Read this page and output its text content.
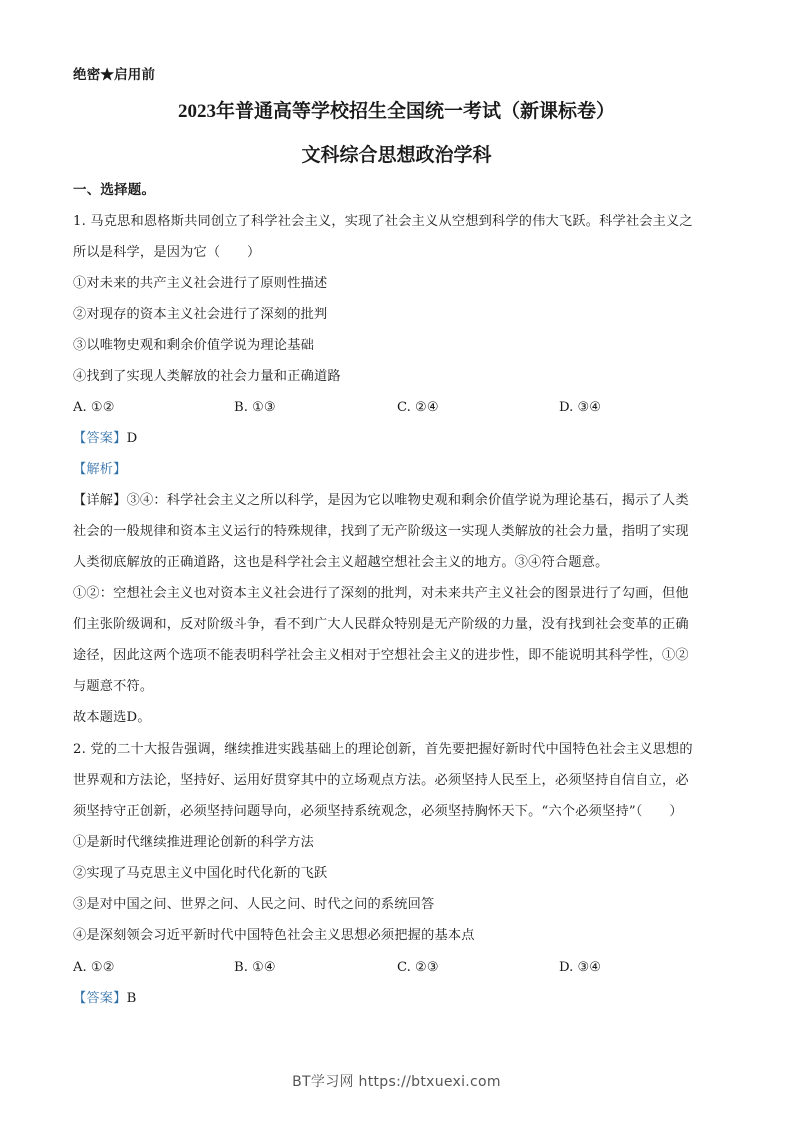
绝密★启用前
2023年普通高等学校招生全国统一考试（新课标卷）
文科综合思想政治学科
一、选择题。
1. 马克思和恩格斯共同创立了科学社会主义，实现了社会主义从空想到科学的伟大飞跃。科学社会主义之
所以是科学，是因为它（　　）
①对未来的共产主义社会进行了原则性描述
②对现存的资本主义社会进行了深刻的批判
③以唯物史观和剩余价值学说为理论基础
④找到了实现人类解放的社会力量和正确道路
A. ①②	B. ①③	C. ②④	D. ③④
【答案】D
【解析】
【详解】③④：科学社会主义之所以科学，是因为它以唯物史观和剩余价值学说为理论基石，揭示了人类
社会的一般规律和资本主义运行的特殊规律，找到了无产阶级这一实现人类解放的社会力量，指明了实现
人类彻底解放的正确道路，这也是科学社会主义超越空想社会主义的地方。③④符合题意。
①②：空想社会主义也对资本主义社会进行了深刻的批判，对未来共产主义社会的图景进行了勾画，但他
们主张阶级调和，反对阶级斗争，看不到广大人民群众特别是无产阶级的力量，没有找到社会变革的正确
途径，因此这两个选项不能表明科学社会主义相对于空想社会主义的进步性，即不能说明其科学性，①②
与题意不符。
故本题选D。
2. 党的二十大报告强调，继续推进实践基础上的理论创新，首先要把握好新时代中国特色社会主义思想的
世界观和方法论，坚持好、运用好贯穿其中的立场观点方法。必须坚持人民至上，必须坚持自信自立，必
须坚持守正创新，必须坚持问题导向，必须坚持系统观念，必须坚持胸怀天下。“六个必须坚持”（　　）
①是新时代继续推进理论创新的科学方法
②实现了马克思主义中国化时代化新的飞跃
③是对中国之问、世界之问、人民之问、时代之问的系统回答
④是深刻领会习近平新时代中国特色社会主义思想必须把握的基本点
A. ①②	B. ①④	C. ②③	D. ③④
【答案】B
BT学习网 https://btxuexi.com
